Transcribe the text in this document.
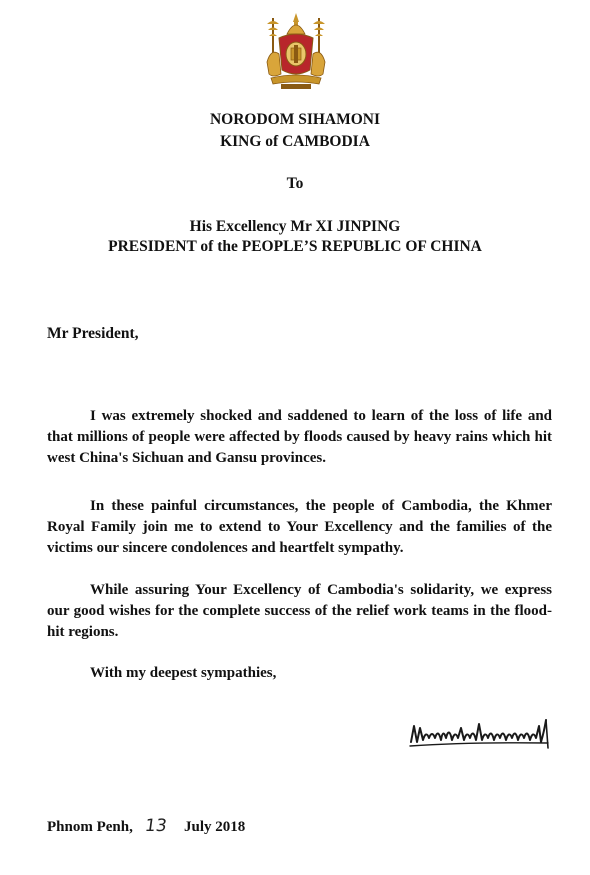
NORODOM SIHAMONI
KING of CAMBODIA
To
His Excellency Mr XI JINPING
PRESIDENT of the PEOPLE’S REPUBLIC OF CHINA
Mr President,

I was extremely shocked and saddened to learn of the loss of life and that millions of people were affected by floods caused by heavy rains which hit west China's Sichuan and Gansu provinces.

In these painful circumstances, the people of Cambodia, the Khmer Royal Family join me to extend to Your Excellency and the families of the victims our sincere condolences and heartfelt sympathy.

While assuring Your Excellency of Cambodia's solidarity, we express our good wishes for the complete success of the relief work teams in the flood-hit regions.

With my deepest sympathies,
Phnom Penh, 13 July 2018
